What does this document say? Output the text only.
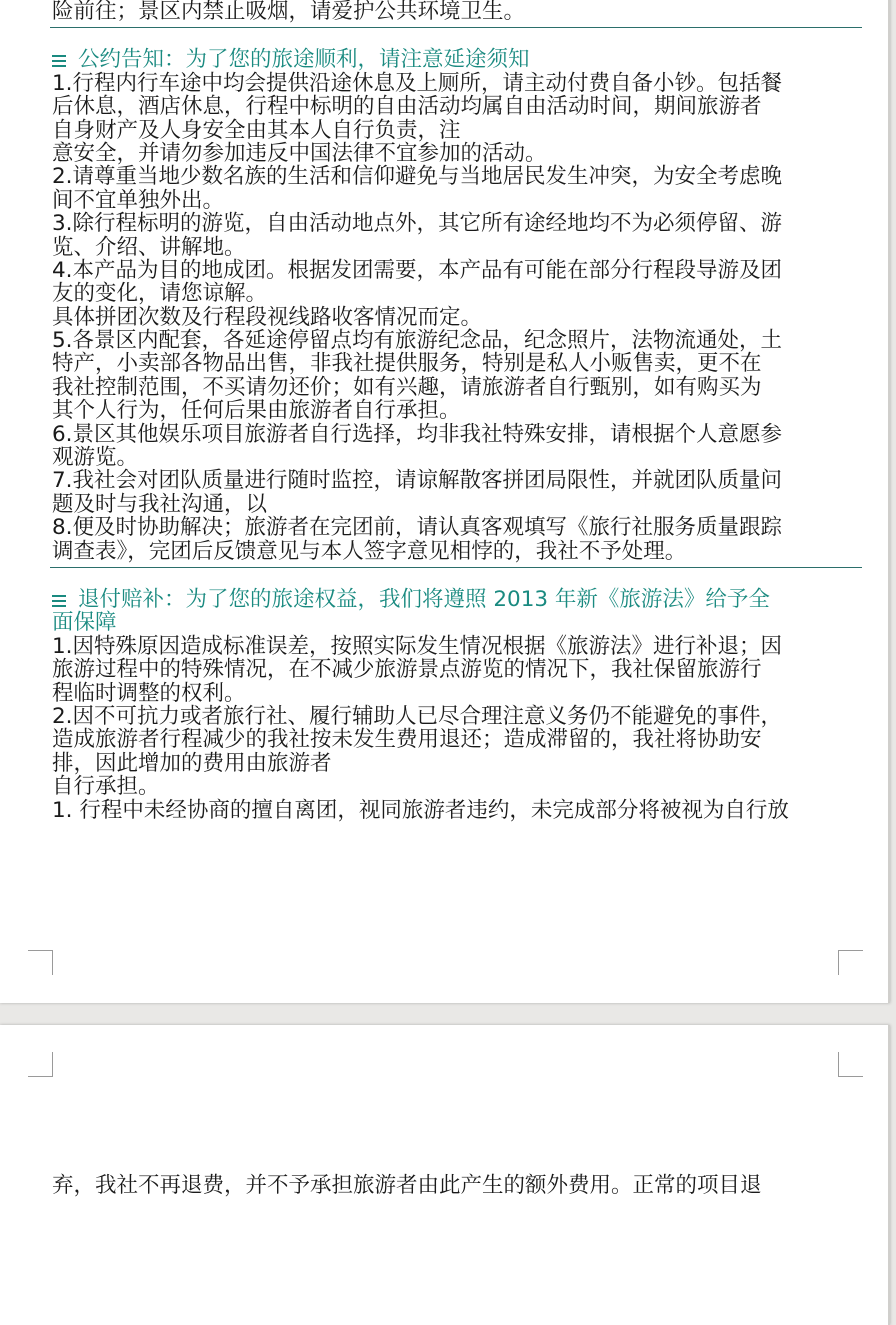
险前往；景区内禁止吸烟，请爱护公共环境卫生。
公约告知：为了您的旅途顺利，请注意延途须知
1.行程内行车途中均会提供沿途休息及上厕所，请主动付费自备小钞。包括餐
后休息，酒店休息，行程中标明的自由活动均属自由活动时间，期间旅游者
自身财产及人身安全由其本人自行负责，注
意安全，并请勿参加违反中国法律不宜参加的活动。
2.请尊重当地少数名族的生活和信仰避免与当地居民发生冲突，为安全考虑晚
间不宜单独外出。
3.除行程标明的游览，自由活动地点外，其它所有途经地均不为必须停留、游
览、介绍、讲解地。
4.本产品为目的地成团。根据发团需要，本产品有可能在部分行程段导游及团
友的变化，请您谅解。
具体拼团次数及行程段视线路收客情况而定。
5.各景区内配套，各延途停留点均有旅游纪念品，纪念照片，法物流通处，土
特产，小卖部各物品出售，非我社提供服务，特别是私人小贩售卖，更不在
我社控制范围，不买请勿还价；如有兴趣，请旅游者自行甄别，如有购买为
其个人行为，任何后果由旅游者自行承担。
6.景区其他娱乐项目旅游者自行选择，均非我社特殊安排，请根据个人意愿参
观游览。
7.我社会对团队质量进行随时监控，请谅解散客拼团局限性，并就团队质量问
题及时与我社沟通，以
8.便及时协助解决；旅游者在完团前，请认真客观填写《旅行社服务质量跟踪
调查表》，完团后反馈意见与本人签字意见相悖的，我社不予处理。
退付赔补：为了您的旅途权益，我们将遵照 2013 年新《旅游法》给予全
面保障
1.因特殊原因造成标准误差，按照实际发生情况根据《旅游法》进行补退；因
旅游过程中的特殊情况，在不减少旅游景点游览的情况下，我社保留旅游行
程临时调整的权利。
2.因不可抗力或者旅行社、履行辅助人已尽合理注意义务仍不能避免的事件，
造成旅游者行程减少的我社按未发生费用退还；造成滞留的，我社将协助安
排，因此增加的费用由旅游者
自行承担。
1. 行程中未经协商的擅自离团，视同旅游者违约，未完成部分将被视为自行放
弃，我社不再退费，并不予承担旅游者由此产生的额外费用。正常的项目退
